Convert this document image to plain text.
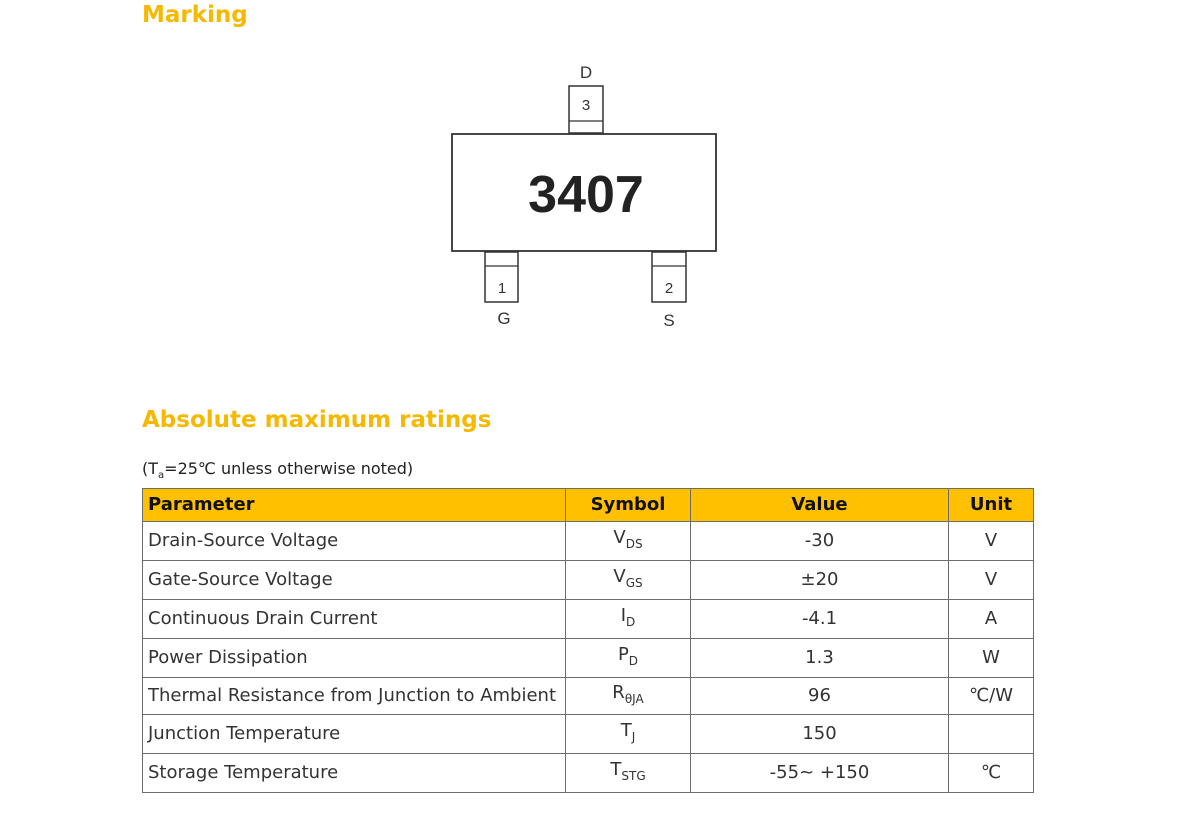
Marking
3
D
3407
1
G
2
S
Absolute maximum ratings
($T_a=25℃$ unless otherwise noted)
Parameter	Symbol	Value	Unit
Drain-Source Voltage	$V_{DS}$	-30	V
Gate-Source Voltage	$V_{GS}$	±20	V
Continuous Drain Current	$I_D$	-4.1	A
Power Dissipation	$P_D$	1.3	W
Thermal Resistance from Junction to Ambient	$R_{\theta JA}$	96	℃/W
Junction Temperature	$T_J$	150	
Storage Temperature	$T_{STG}$	-55~ +150	℃
